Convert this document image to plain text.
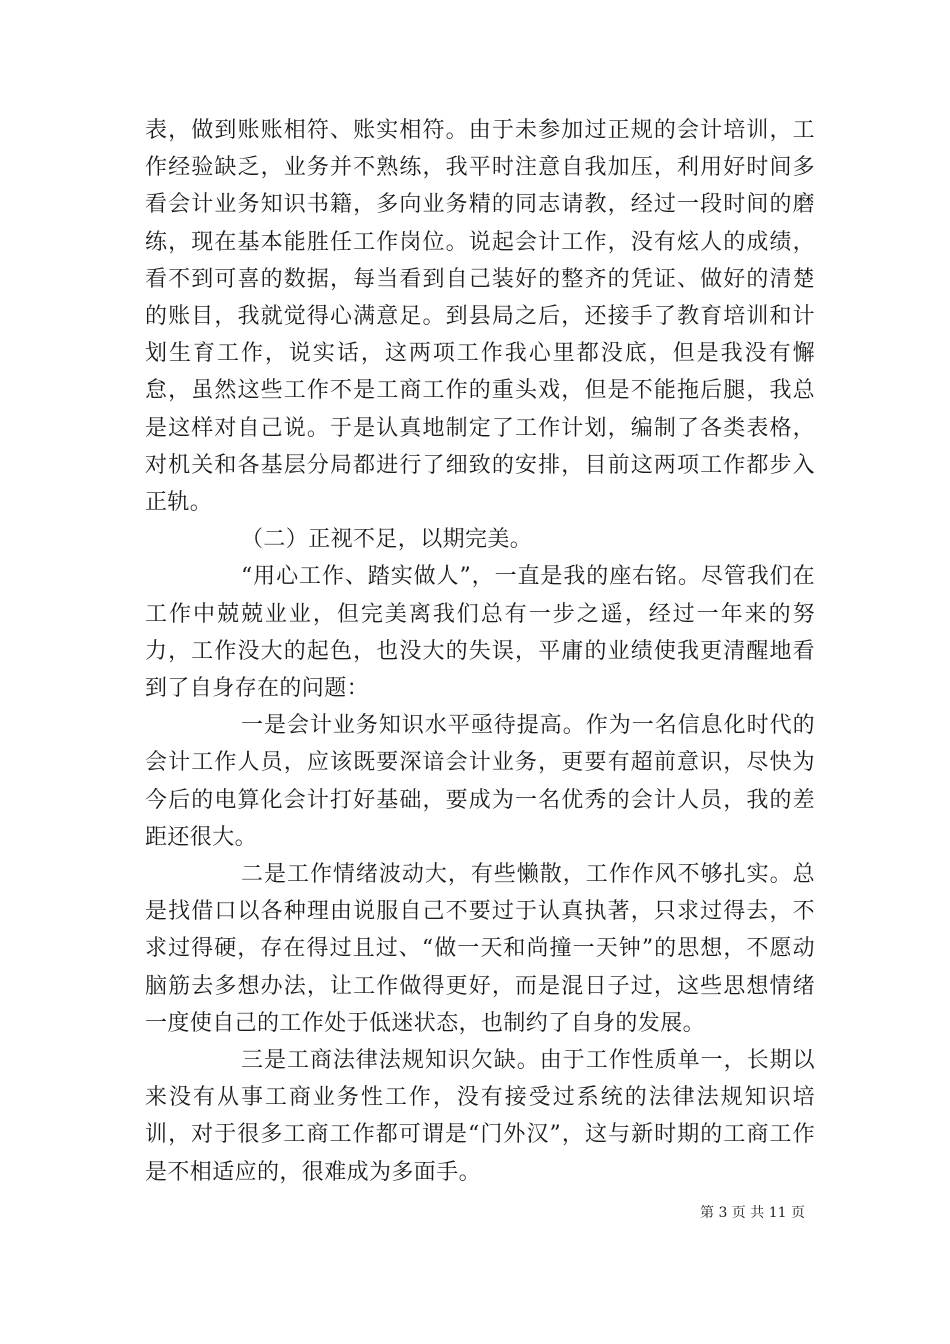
表，做到账账相符、账实相符。由于未参加过正规的会计培训，工作经验缺乏，业务并不熟练，我平时注意自我加压，利用好时间多看会计业务知识书籍，多向业务精的同志请教，经过一段时间的磨练，现在基本能胜任工作岗位。说起会计工作，没有炫人的成绩，看不到可喜的数据，每当看到自己装好的整齐的凭证、做好的清楚的账目，我就觉得心满意足。到县局之后，还接手了教育培训和计划生育工作，说实话，这两项工作我心里都没底，但是我没有懈怠，虽然这些工作不是工商工作的重头戏，但是不能拖后腿，我总是这样对自己说。于是认真地制定了工作计划，编制了各类表格，对机关和各基层分局都进行了细致的安排，目前这两项工作都步入正轨。

（二）正视不足，以期完美。

“用心工作、踏实做人”，一直是我的座右铭。尽管我们在工作中兢兢业业，但完美离我们总有一步之遥，经过一年来的努力，工作没大的起色，也没大的失误，平庸的业绩使我更清醒地看到了自身存在的问题：

一是会计业务知识水平亟待提高。作为一名信息化时代的会计工作人员，应该既要深谙会计业务，更要有超前意识，尽快为今后的电算化会计打好基础，要成为一名优秀的会计人员，我的差距还很大。

二是工作情绪波动大，有些懒散，工作作风不够扎实。总是找借口以各种理由说服自己不要过于认真执著，只求过得去，不求过得硬，存在得过且过、“做一天和尚撞一天钟”的思想，不愿动脑筋去多想办法，让工作做得更好，而是混日子过，这些思想情绪一度使自己的工作处于低迷状态，也制约了自身的发展。

三是工商法律法规知识欠缺。由于工作性质单一，长期以来没有从事工商业务性工作，没有接受过系统的法律法规知识培训，对于很多工商工作都可谓是“门外汉”，这与新时期的工商工作是不相适应的，很难成为多面手。

第 3 页 共 11 页
